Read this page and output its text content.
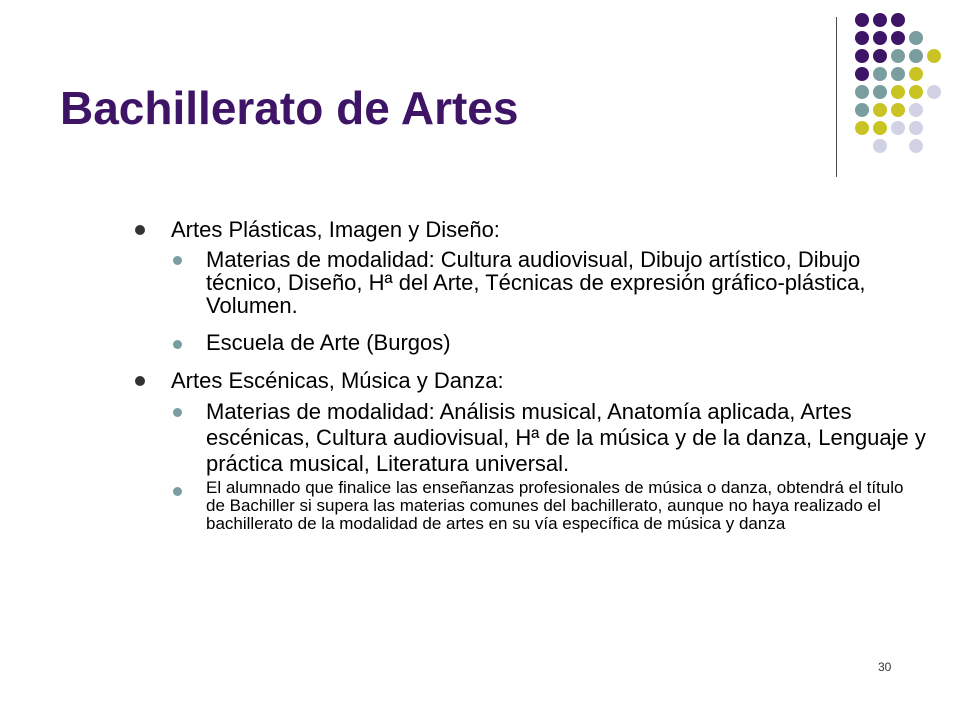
Bachillerato de Artes
Artes Plásticas, Imagen y Diseño:
Materias de modalidad: Cultura audiovisual, Dibujo artístico, Dibujo técnico, Diseño, Hª del Arte, Técnicas de expresión gráfico-plástica, Volumen.
Escuela de Arte (Burgos)
Artes Escénicas, Música y Danza:
Materias de modalidad: Análisis musical, Anatomía aplicada, Artes escénicas, Cultura audiovisual, Hª de la música y de la danza, Lenguaje y práctica musical, Literatura universal.
El alumnado que finalice las enseñanzas profesionales de música o danza, obtendrá el título de Bachiller si supera las materias comunes del bachillerato, aunque no haya realizado el bachillerato de la modalidad de artes en su vía específica de música y danza
30
